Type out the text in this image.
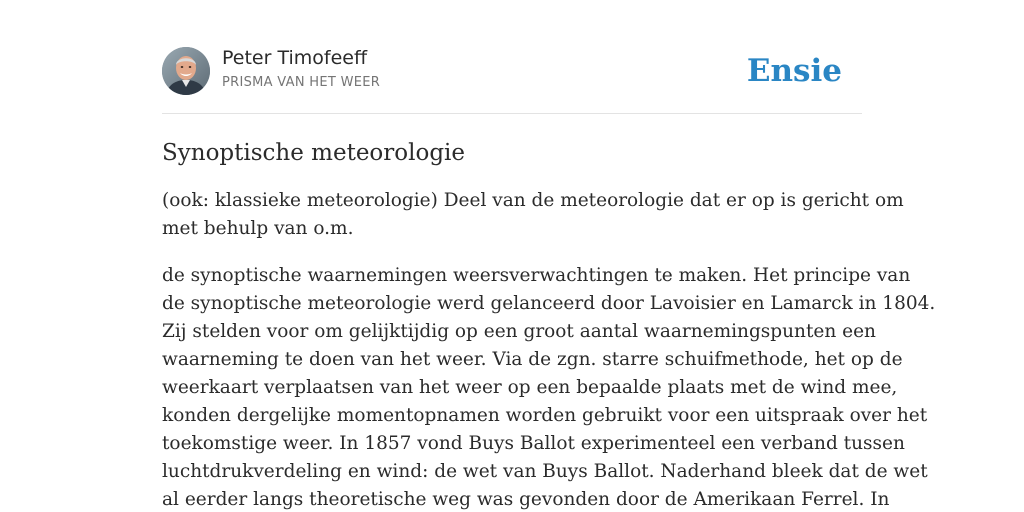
Peter Timofeeff
PRISMA VAN HET WEER	Ensie
Synoptische meteorologie

(ook: klassieke meteorologie) Deel van de meteorologie dat er op is gericht om
met behulp van o.m.

de synoptische waarnemingen weersverwachtingen te maken. Het principe van
de synoptische meteorologie werd gelanceerd door Lavoisier en Lamarck in 1804.
Zij stelden voor om gelijktijdig op een groot aantal waarnemingspunten een
waarneming te doen van het weer. Via de zgn. starre schuifmethode, het op de
weerkaart verplaatsen van het weer op een bepaalde plaats met de wind mee,
konden dergelijke momentopnamen worden gebruikt voor een uitspraak over het
toekomstige weer. In 1857 vond Buys Ballot experimenteel een verband tussen
luchtdrukverdeling en wind: de wet van Buys Ballot. Naderhand bleek dat de wet
al eerder langs theoretische weg was gevonden door de Amerikaan Ferrel. In
